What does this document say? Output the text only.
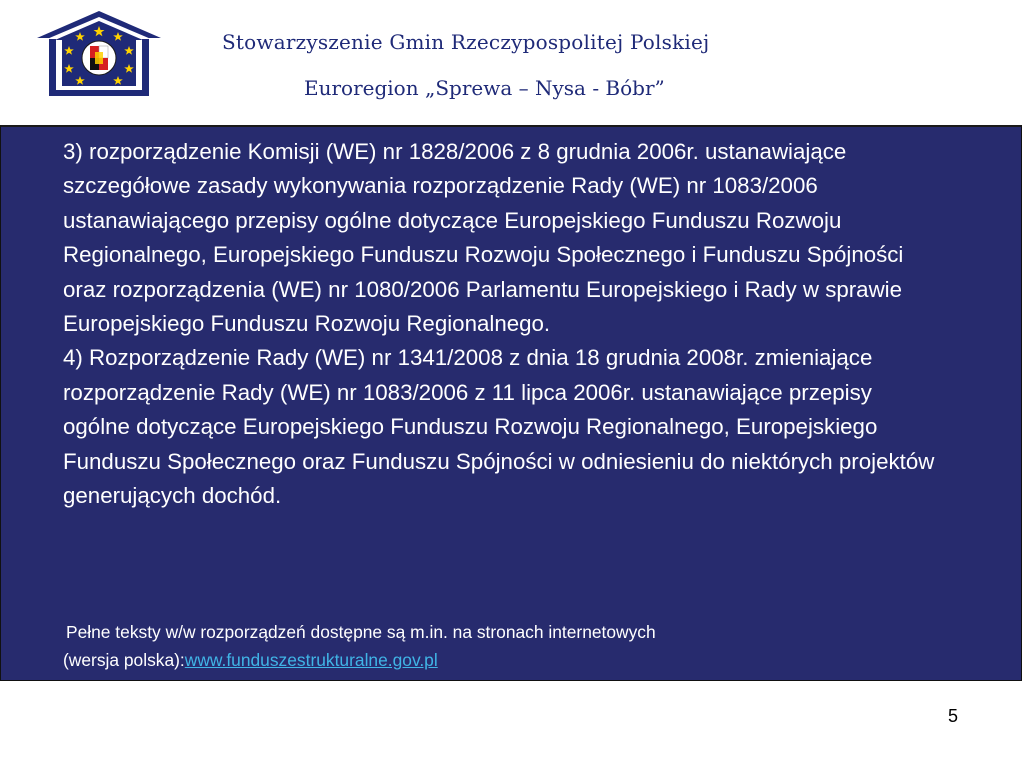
Stowarzyszenie Gmin Rzeczypospolitej Polskiej
Euroregion „Sprewa – Nysa - Bóbr”

3) rozporządzenie Komisji (WE) nr 1828/2006 z 8 grudnia 2006r. ustanawiające szczegółowe zasady wykonywania rozporządzenie Rady (WE) nr 1083/2006 ustanawiającego przepisy ogólne dotyczące Europejskiego Funduszu Rozwoju Regionalnego, Europejskiego Funduszu Rozwoju Społecznego i Funduszu Spójności oraz rozporządzenia (WE) nr 1080/2006 Parlamentu Europejskiego i Rady w sprawie Europejskiego Funduszu Rozwoju Regionalnego.

4) Rozporządzenie Rady (WE) nr 1341/2008 z dnia 18 grudnia 2008r. zmieniające rozporządzenie Rady (WE) nr 1083/2006 z 11 lipca 2006r. ustanawiające przepisy ogólne dotyczące Europejskiego Funduszu Rozwoju Regionalnego, Europejskiego Funduszu Społecznego oraz Funduszu Spójności w odniesieniu do niektórych projektów generujących dochód.

Pełne teksty w/w rozporządzeń dostępne są m.in. na stronach internetowych

(wersja polska):www.funduszestrukturalne.gov.pl

5
